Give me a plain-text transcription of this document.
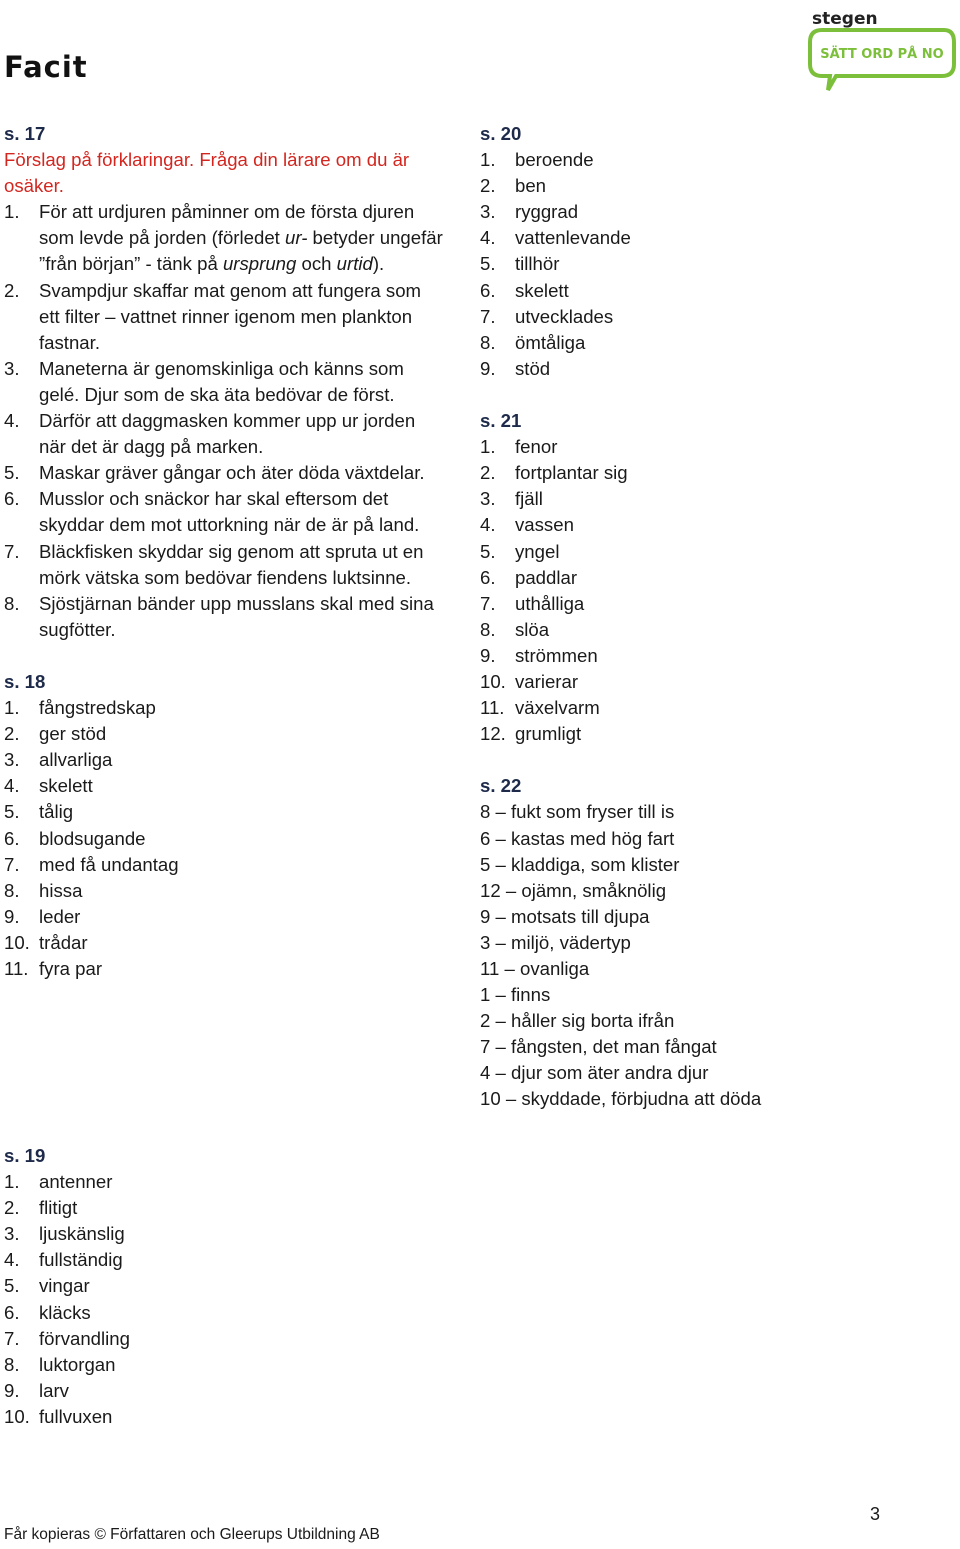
Facit
stegen
SÄTT ORD PÅ NO
s. 17
Förslag på förklaringar. Fråga din lärare om du är osäker.
1.	För att urdjuren påminner om de första djuren som levde på jorden (förledet ur- betyder ungefär ”från början” - tänk på ursprung och urtid).
2.	Svampdjur skaffar mat genom att fungera som ett filter – vattnet rinner igenom men plankton fastnar.
3.	Maneterna är genomskinliga och känns som gelé. Djur som de ska äta bedövar de först.
4.	Därför att daggmasken kommer upp ur jorden när det är dagg på marken.
5.	Maskar gräver gångar och äter döda växtdelar.
6.	Musslor och snäckor har skal eftersom det skyddar dem mot uttorkning när de är på land.
7.	Bläckfisken skyddar sig genom att spruta ut en mörk vätska som bedövar fiendens luktsinne.
8.	Sjöstjärnan bänder upp musslans skal med sina sugfötter.
s. 18
1.	fångstredskap
2.	ger stöd
3.	allvarliga
4.	skelett
5.	tålig
6.	blodsugande
7.	med få undantag
8.	hissa
9.	leder
10. trådar
11. fyra par
s. 19
1.	antenner
2.	flitigt
3.	ljuskänslig
4.	fullständig
5.	vingar
6.	kläcks
7.	förvandling
8.	luktorgan
9.	larv
10. fullvuxen
s. 20
1.	beroende
2.	ben
3.	ryggrad
4.	vattenlevande
5.	tillhör
6.	skelett
7.	utvecklades
8.	ömtåliga
9.	stöd
s. 21
1.	fenor
2.	fortplantar sig
3.	fjäll
4.	vassen
5.	yngel
6.	paddlar
7.	uthålliga
8.	slöa
9.	strömmen
10. varierar
11. växelvarm
12. grumligt
s. 22
8 – fukt som fryser till is
6 – kastas med hög fart
5 – kladdiga, som klister
12 – ojämn, småknölig
9 – motsats till djupa
3 – miljö, vädertyp
11 – ovanliga
1 – finns
2 – håller sig borta ifrån
7 – fångsten, det man fångat
4 – djur som äter andra djur
10 – skyddade, förbjudna att döda
3
Får kopieras © Författaren och Gleerups Utbildning AB
